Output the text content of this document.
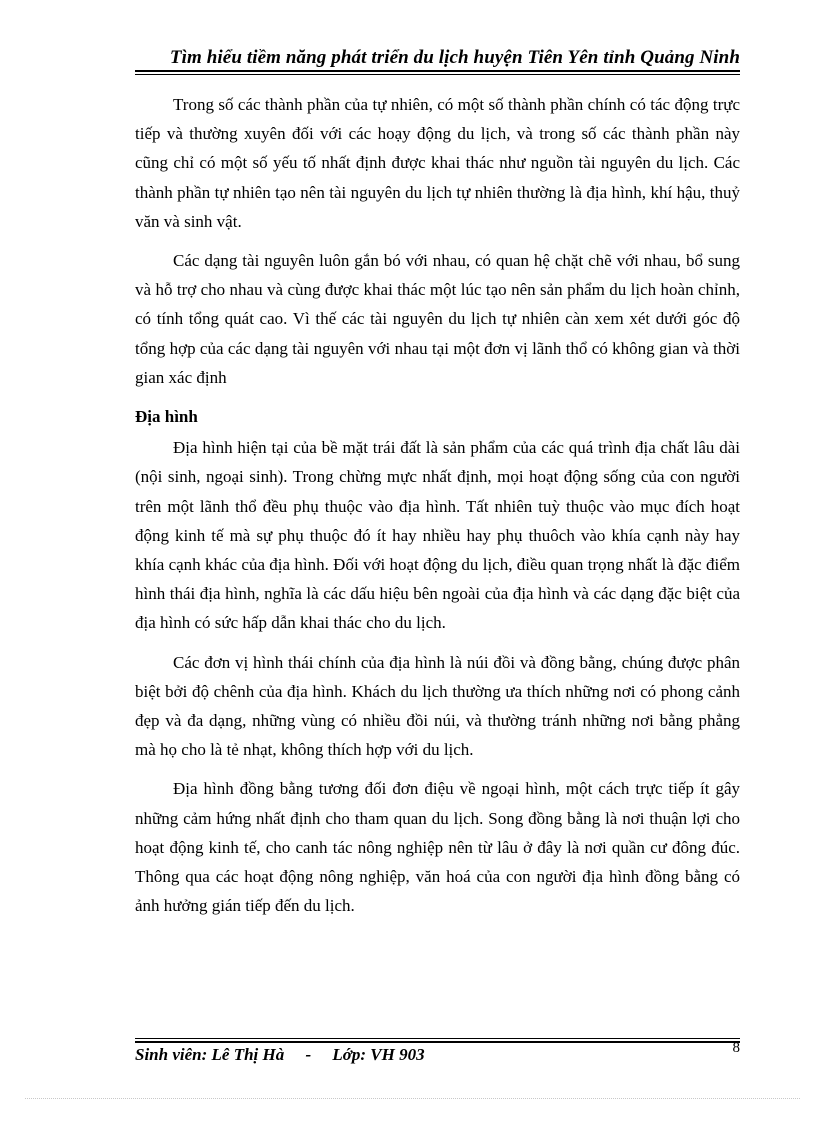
Tìm hiểu tiềm năng phát triển du lịch huyện Tiên Yên tỉnh Quảng Ninh

Trong số các thành phần của tự nhiên, có một số thành phần chính có tác động trực tiếp và thường xuyên đối với các hoạy động du lịch, và trong số các thành phần này cũng chỉ có một số yếu tố nhất định được khai thác như nguồn tài nguyên du lịch. Các thành phần tự nhiên tạo nên tài nguyên du lịch tự nhiên thường là địa hình, khí hậu, thuỷ văn và sinh vật.

Các dạng tài nguyên luôn gắn bó với nhau, có quan hệ chặt chẽ với nhau, bổ sung và hỗ trợ cho nhau và cùng được khai thác một lúc tạo nên sản phẩm du lịch hoàn chỉnh, có tính tổng quát cao. Vì thế các tài nguyên du lịch tự nhiên càn xem xét dưới góc độ tổng hợp của các dạng tài nguyên với nhau tại một đơn vị lãnh thổ có không gian và thời gian xác định

Địa hình

Địa hình hiện tại của bề mặt trái đất là sản phẩm của các quá trình địa chất lâu dài (nội sinh, ngoại sinh). Trong chừng mực nhất định, mọi hoạt động sống của con người trên một lãnh thổ đều phụ thuộc vào địa hình. Tất nhiên tuỳ thuộc vào mục đích hoạt động kinh tế mà sự phụ thuộc đó ít hay nhiều hay phụ thuôch vào khía cạnh này hay khía cạnh khác của địa hình. Đối với hoạt động du lịch, điều quan trọng nhất là đặc điểm hình thái địa hình, nghĩa là các dấu hiệu bên ngoài của địa hình và các dạng đặc biệt của địa hình có sức hấp dẫn khai thác cho du lịch.

Các đơn vị hình thái chính của địa hình là núi đồi và đồng bằng, chúng được phân biệt bởi độ chênh của địa hình. Khách du lịch thường ưa thích những nơi có phong cảnh đẹp và đa dạng, những vùng có nhiều đồi núi, và thường tránh những nơi bằng phẳng mà họ cho là tẻ nhạt, không thích hợp với du lịch.

Địa hình đồng bằng tương đối đơn điệu về ngoại hình, một cách trực tiếp ít gây những cảm hứng nhất định cho tham quan du lịch. Song đồng bằng là nơi thuận lợi cho hoạt động kinh tế, cho canh tác nông nghiệp nên từ lâu ở đây là nơi quần cư đông đúc. Thông qua các hoạt động nông nghiệp, văn hoá của con người địa hình đồng bằng có ảnh hưởng gián tiếp đến du lịch.

Sinh viên: Lê Thị Hà     -     Lớp: VH 903	8
